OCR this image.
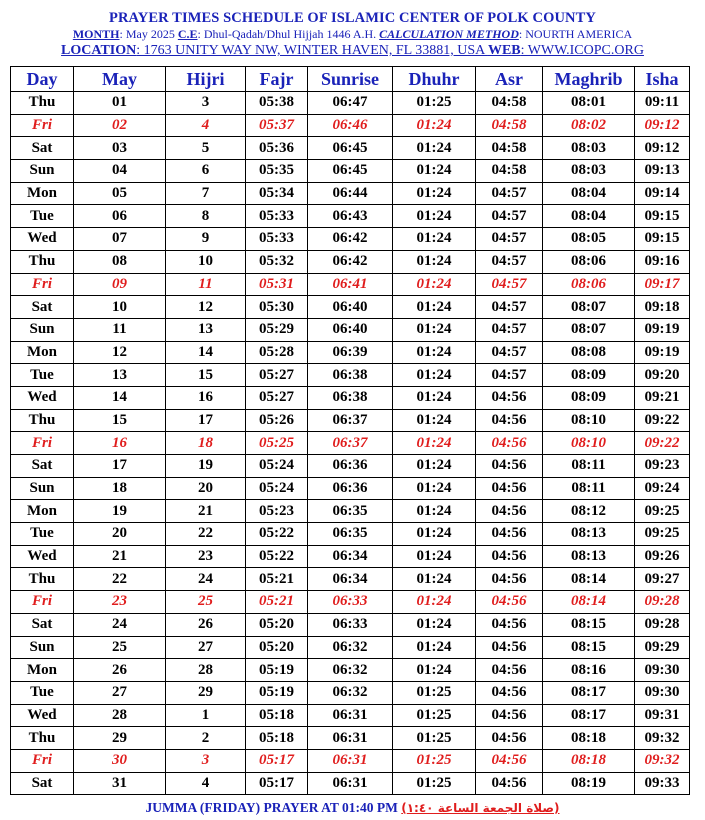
PRAYER TIMES SCHEDULE OF ISLAMIC CENTER OF POLK COUNTY
MONTH: May 2025 C.E: Dhul-Qadah/Dhul Hijjah 1446 A.H. CALCULATION METHOD: NOURTH AMERICA
LOCATION: 1763 UNITY WAY NW, WINTER HAVEN, FL 33881, USA WEB: WWW.ICOPC.ORG
Day	May	Hijri	Fajr	Sunrise	Dhuhr	Asr	Maghrib	Isha
Thu	01	3	05:38	06:47	01:25	04:58	08:01	09:11
Fri	02	4	05:37	06:46	01:24	04:58	08:02	09:12
Sat	03	5	05:36	06:45	01:24	04:58	08:03	09:12
Sun	04	6	05:35	06:45	01:24	04:58	08:03	09:13
Mon	05	7	05:34	06:44	01:24	04:57	08:04	09:14
Tue	06	8	05:33	06:43	01:24	04:57	08:04	09:15
Wed	07	9	05:33	06:42	01:24	04:57	08:05	09:15
Thu	08	10	05:32	06:42	01:24	04:57	08:06	09:16
Fri	09	11	05:31	06:41	01:24	04:57	08:06	09:17
Sat	10	12	05:30	06:40	01:24	04:57	08:07	09:18
Sun	11	13	05:29	06:40	01:24	04:57	08:07	09:19
Mon	12	14	05:28	06:39	01:24	04:57	08:08	09:19
Tue	13	15	05:27	06:38	01:24	04:57	08:09	09:20
Wed	14	16	05:27	06:38	01:24	04:56	08:09	09:21
Thu	15	17	05:26	06:37	01:24	04:56	08:10	09:22
Fri	16	18	05:25	06:37	01:24	04:56	08:10	09:22
Sat	17	19	05:24	06:36	01:24	04:56	08:11	09:23
Sun	18	20	05:24	06:36	01:24	04:56	08:11	09:24
Mon	19	21	05:23	06:35	01:24	04:56	08:12	09:25
Tue	20	22	05:22	06:35	01:24	04:56	08:13	09:25
Wed	21	23	05:22	06:34	01:24	04:56	08:13	09:26
Thu	22	24	05:21	06:34	01:24	04:56	08:14	09:27
Fri	23	25	05:21	06:33	01:24	04:56	08:14	09:28
Sat	24	26	05:20	06:33	01:24	04:56	08:15	09:28
Sun	25	27	05:20	06:32	01:24	04:56	08:15	09:29
Mon	26	28	05:19	06:32	01:24	04:56	08:16	09:30
Tue	27	29	05:19	06:32	01:25	04:56	08:17	09:30
Wed	28	1	05:18	06:31	01:25	04:56	08:17	09:31
Thu	29	2	05:18	06:31	01:25	04:56	08:18	09:32
Fri	30	3	05:17	06:31	01:25	04:56	08:18	09:32
Sat	31	4	05:17	06:31	01:25	04:56	08:19	09:33
JUMMA (FRIDAY) PRAYER AT 01:40 PM (صلاة الجمعة الساعة ١:٤٠)
